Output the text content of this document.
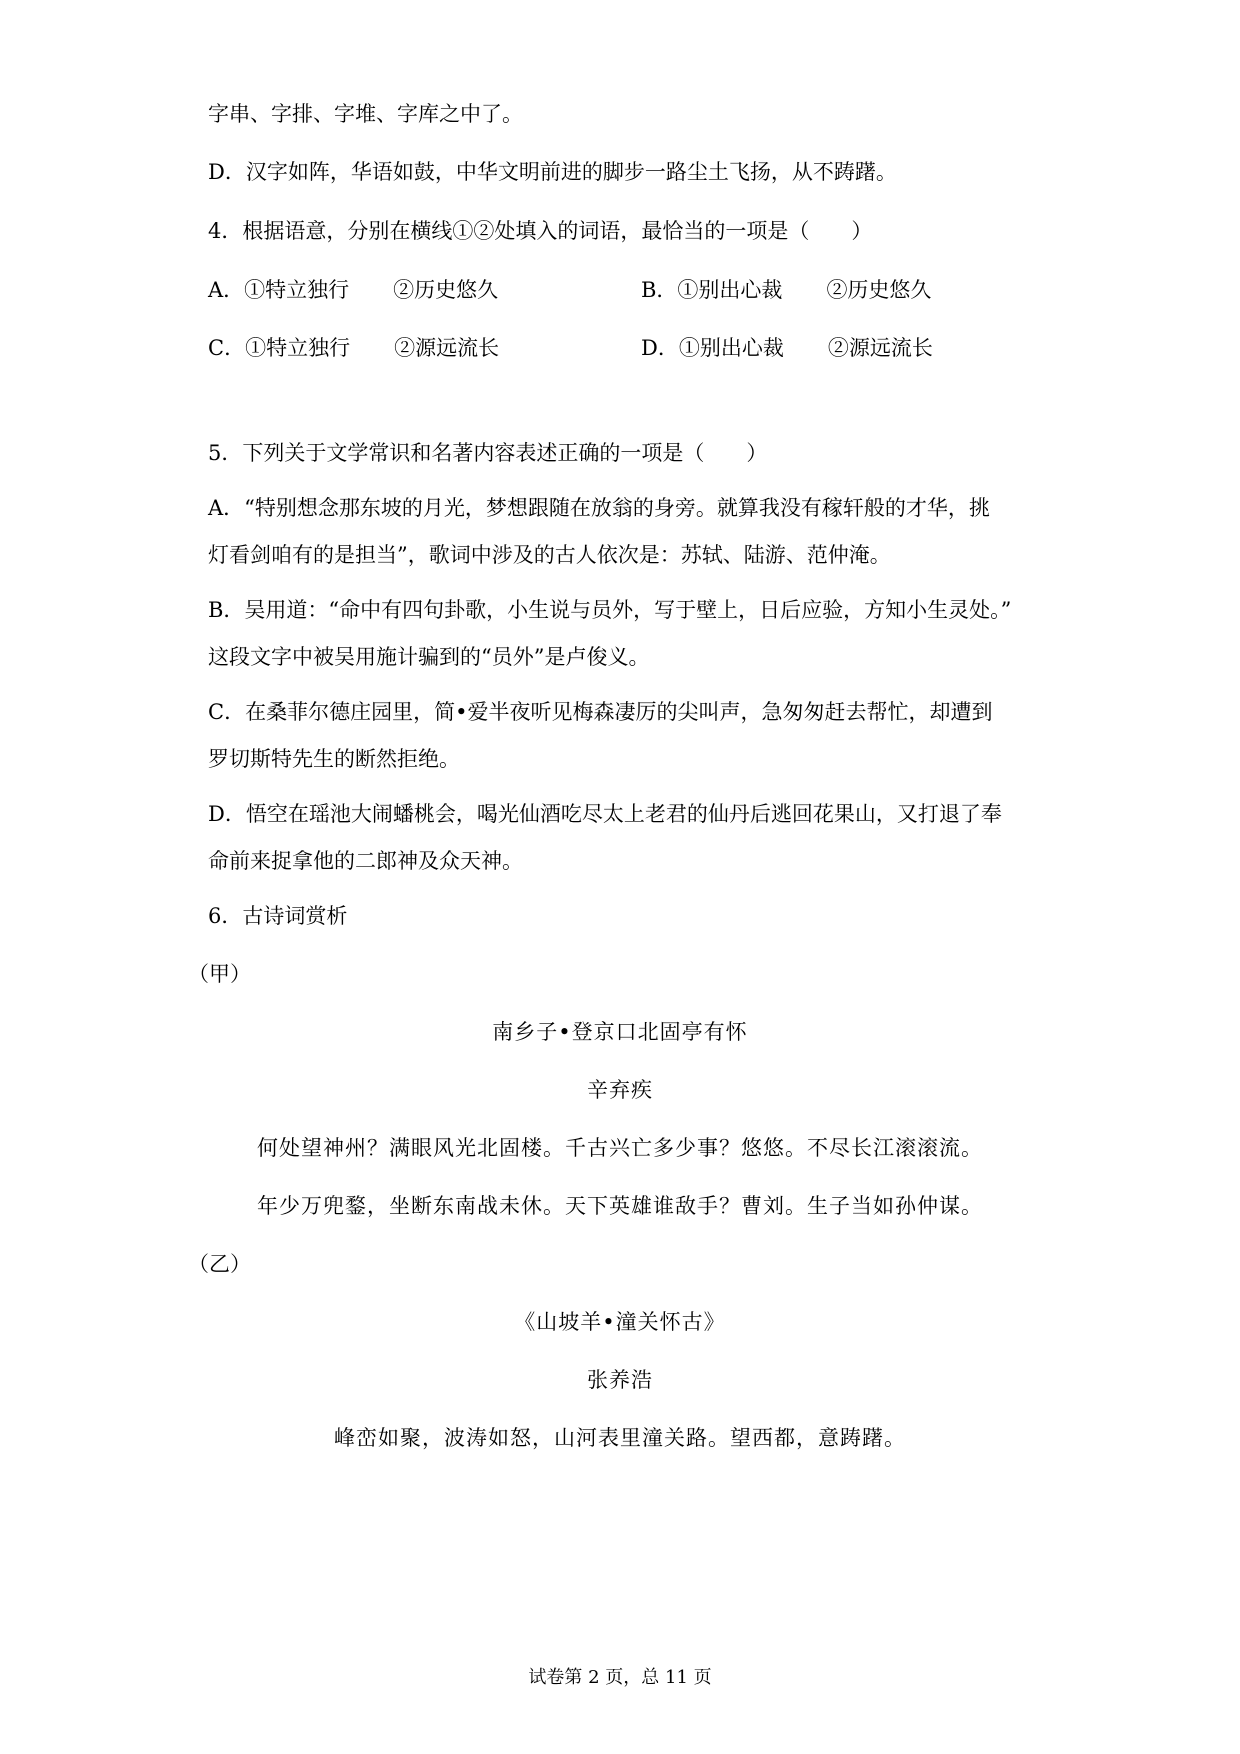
字串、字排、字堆、字库之中了。
D．汉字如阵，华语如鼓，中华文明前进的脚步一路尘土飞扬，从不踌躇。
4．根据语意，分别在横线①②处填入的词语，最恰当的一项是（　　）
A．①特立独行 ②历史悠久	B．①别出心裁 ②历史悠久
C．①特立独行 ②源远流长	D．①别出心裁 ②源远流长
5．下列关于文学常识和名著内容表述正确的一项是（　　）
A．“特别想念那东坡的月光，梦想跟随在放翁的身旁。就算我没有稼轩般的才华，挑
灯看剑咱有的是担当”，歌词中涉及的古人依次是：苏轼、陆游、范仲淹。
B．吴用道：“命中有四句卦歌，小生说与员外，写于壁上，日后应验，方知小生灵处。”
这段文字中被吴用施计骗到的“员外”是卢俊义。
C．在桑菲尔德庄园里，简•爱半夜听见梅森凄厉的尖叫声，急匆匆赶去帮忙，却遭到
罗切斯特先生的断然拒绝。
D．悟空在瑶池大闹蟠桃会，喝光仙酒吃尽太上老君的仙丹后逃回花果山，又打退了奉
命前来捉拿他的二郎神及众天神。
6．古诗词赏析
（甲）
南乡子•登京口北固亭有怀
辛弃疾
何处望神州？满眼风光北固楼。千古兴亡多少事？悠悠。不尽长江滚滚流。
年少万兜鍪，坐断东南战未休。天下英雄谁敌手？曹刘。生子当如孙仲谋。
（乙）
《山坡羊•潼关怀古》
张养浩
峰峦如聚，波涛如怒，山河表里潼关路。望西都，意踌躇。
试卷第 2 页，总 11 页
